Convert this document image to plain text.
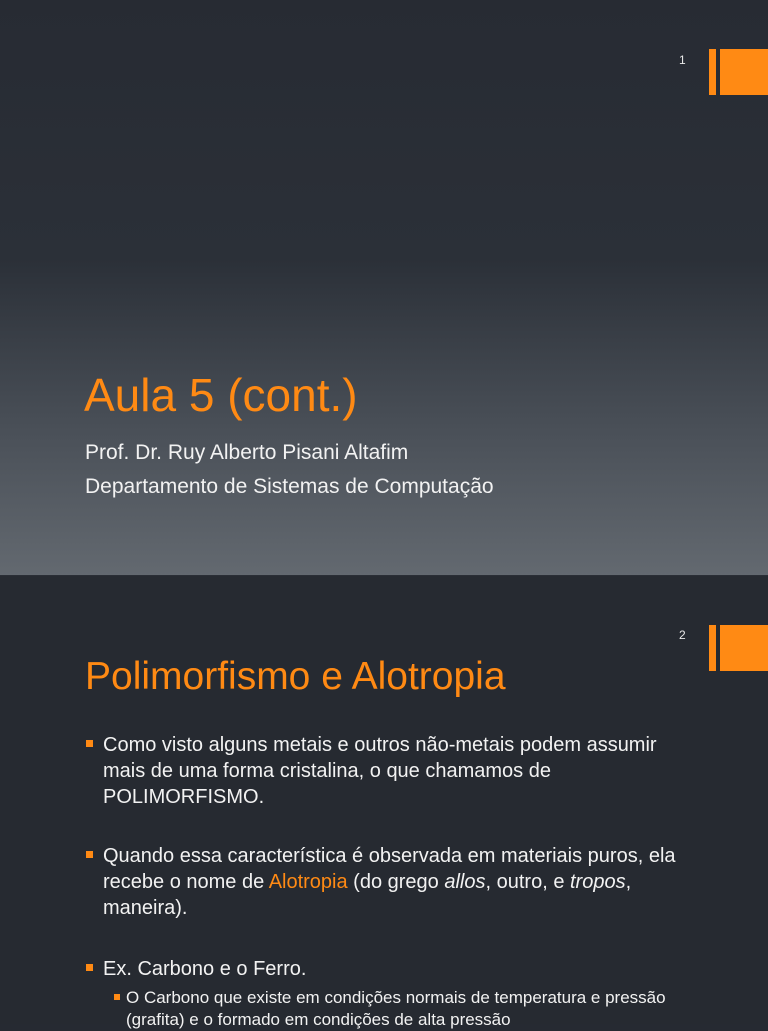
1
Aula 5 (cont.)
Prof. Dr. Ruy Alberto Pisani Altafim
Departamento de Sistemas de Computação
2
Polimorfismo e Alotropia
Como visto alguns metais e outros não-metais podem assumir mais de uma forma cristalina, o que chamamos de POLIMORFISMO.
Quando essa característica é observada em materiais puros, ela recebe o nome de Alotropia (do grego allos, outro, e tropos, maneira).
Ex. Carbono e o Ferro.
O Carbono que existe em condições normais de temperatura e pressão (grafita) e o formado em condições de alta pressão
